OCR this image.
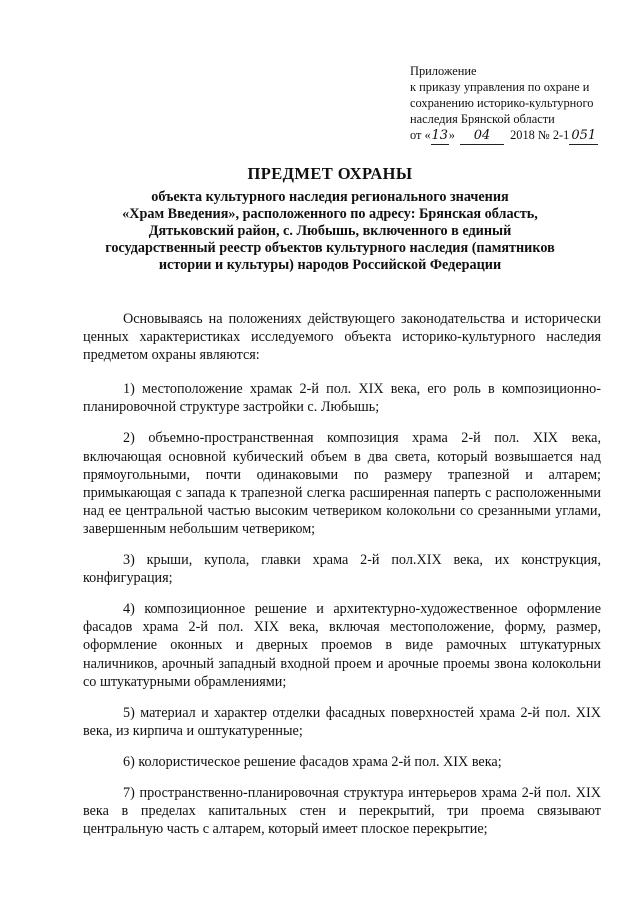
Приложение
к приказу управления по охране и
сохранению историко-культурного
наследия Брянской области
от «13» 04 2018 № 2-1 051
ПРЕДМЕТ ОХРАНЫ
объекта культурного наследия регионального значения
«Храм Введения», расположенного по адресу: Брянская область,
Дятьковский район, с. Любышь, включенного в единый
государственный реестр объектов культурного наследия (памятников
истории и культуры) народов Российской Федерации

Основываясь на положениях действующего законодательства и исторически ценных характеристиках исследуемого объекта историко-культурного наследия предметом охраны являются:

1) местоположение храмак 2-й пол. XIX века, его роль в композиционно-планировочной структуре застройки с. Любышь;

2) объемно-пространственная композиция храма 2-й пол. XIX века, включающая основной кубический объем в два света, который возвышается над прямоугольными, почти одинаковыми по размеру трапезной и алтарем; примыкающая с запада к трапезной слегка расширенная паперть с расположенными над ее центральной частью высоким четвериком колокольни со срезанными углами, завершенным небольшим четвериком;

3) крыши, купола, главки храма 2-й пол.XIX века, их конструкция, конфигурация;

4) композиционное решение и архитектурно-художественное оформление фасадов храма 2-й пол. XIX века, включая местоположение, форму, размер, оформление оконных и дверных проемов в виде рамочных штукатурных наличников, арочный западный входной проем и арочные проемы звона колокольни со штукатурными обрамлениями;

5) материал и характер отделки фасадных поверхностей храма 2-й пол. XIX века, из кирпича и оштукатуренные;

6) колористическое решение фасадов храма 2-й пол. XIX века;

7) пространственно-планировочная структура интерьеров храма 2-й пол. XIX века в пределах капитальных стен и перекрытий, три проема связывают центральную часть с алтарем, который имеет плоское перекрытие;
